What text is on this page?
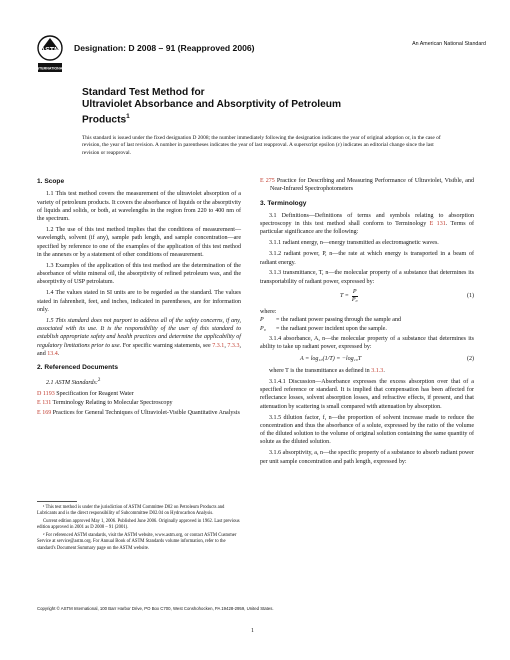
ASTM
INTERNATIONAL
Designation: D 2008 – 91 (Reapproved 2006)	An American National Standard
Standard Test Method for
Ultraviolet Absorbance and Absorptivity of Petroleum
Products$^1$
This standard is issued under the fixed designation D 2008; the number immediately following the designation indicates the year of original adoption or, in the case of revision, the year of last revision. A number in parentheses indicates the year of last reapproval. A superscript epsilon (ε) indicates an editorial change since the last revision or reapproval.
1. Scope

1.1 This test method covers the measurement of the ultraviolet absorption of a variety of petroleum products. It covers the absorbance of liquids or the absorptivity of liquids and solids, or both, at wavelengths in the region from 220 to 400 nm of the spectrum.

1.2 The use of this test method implies that the conditions of measurement—wavelength, solvent (if any), sample path length, and sample concentration—are specified by reference to one of the examples of the application of this test method in the annexes or by a statement of other conditions of measurement.

1.3 Examples of the application of this test method are the determination of the absorbance of white mineral oil, the absorptivity of refined petroleum wax, and the absorptivity of USP petrolatum.

1.4 The values stated in SI units are to be regarded as the standard. The values stated in fahrenheit, feet, and inches, indicated in parentheses, are for information only.

1.5 This standard does not purport to address all of the safety concerns, if any, associated with its use. It is the responsibility of the user of this standard to establish appropriate safety and health practices and determine the applicability of regulatory limitations prior to use. For specific warning statements, see 7.3.1, 7.3.3, and 13.4.

2. Referenced Documents

2.1 ASTM Standards:$^2$

D 1193 Specification for Reagent Water
E 131 Terminology Relating to Molecular Spectroscopy
E 169 Practices for General Techniques of Ultraviolet-Visible Quantitative Analysis

¹ This test method is under the jurisdiction of ASTM Committee D02 on Petroleum Products and Lubricants and is the direct responsibility of Subcommittee D02.04 on Hydrocarbon Analysis.

Current edition approved May 1, 2006. Published June 2006. Originally approved in 1962. Last previous edition approved in 2001 as D 2008 – 91 (2001).

² For referenced ASTM standards, visit the ASTM website, www.astm.org, or contact ASTM Customer Service at service@astm.org. For Annual Book of ASTM Standards volume information, refer to the standard's Document Summary page on the ASTM website.

E 275 Practice for Describing and Measuring Performance of Ultraviolet, Visible, and Near-Infrared Spectrophotometers
3. Terminology

3.1 Definitions—Definitions of terms and symbols relating to absorption spectroscopy in this test method shall conform to Terminology E 131. Terms of particular significance are the following:

3.1.1 radiant energy, n—energy transmitted as electromagnetic waves.

3.1.2 radiant power, P, n—the rate at which energy is transported in a beam of radiant energy.

3.1.3 transmittance, T, n—the molecular property of a substance that determines its transportability of radiant power, expressed by:

$T = \frac{P}{\text{P₀}}$	(1)
where:
P	= the radiant power passing through the sample and
P₀	= the radiant power incident upon the sample.

3.1.4 absorbance, A, n—the molecular property of a substance that determines its ability to take up radiant power, expressed by:

A = log₁₀(1/T) = −log₁₀T	(2)

where T is the transmittance as defined in 3.1.3.

3.1.4.1 Discussion—Absorbance expresses the excess absorption over that of a specified reference or standard. It is implied that compensation has been affected for reflectance losses, solvent absorption losses, and refractive effects, if present, and that attenuation by scattering is small compared with attenuation by absorption.

3.1.5 dilution factor, f, n—the proportion of solvent increase made to reduce the concentration and thus the absorbance of a solute, expressed by the ratio of the volume of the diluted solution to the volume of original solution containing the same quantity of solute as the diluted solution.

3.1.6 absorptivity, a, n—the specific property of a substance to absorb radiant power per unit sample concentration and path length, expressed by:

Copyright © ASTM International, 100 Barr Harbor Drive, PO Box C700, West Conshohocken, PA 19428-2959, United States.
1
